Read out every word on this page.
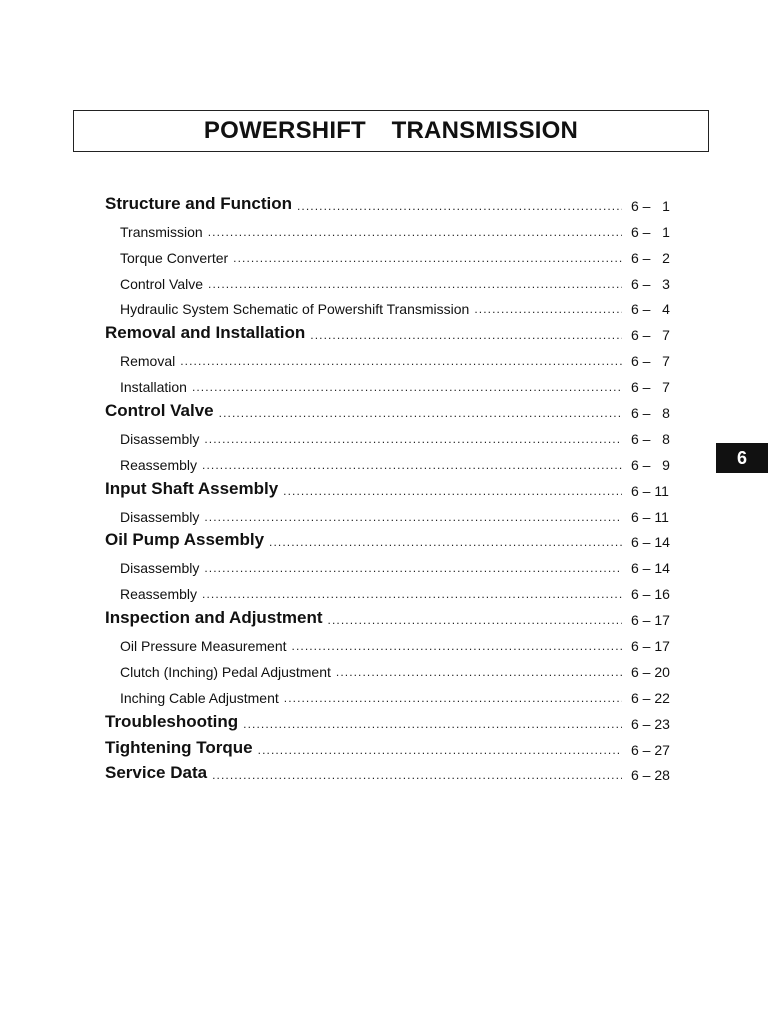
POWERSHIFT  TRANSMISSION
Structure and Function .....	6 –   1
Transmission .....	6 –   1
Torque Converter .....	6 –   2
Control Valve .....	6 –   3
Hydraulic System Schematic of Powershift Transmission .....	6 –   4
Removal and Installation .....	6 –   7
Removal .....	6 –   7
Installation .....	6 –   7
Control Valve .....	6 –   8
Disassembly .....	6 –   8
Reassembly .....	6 –   9
Input Shaft Assembly .....	6 – 11
Disassembly .....	6 – 11
Oil Pump Assembly .....	6 – 14
Disassembly .....	6 – 14
Reassembly .....	6 – 16
Inspection and Adjustment .....	6 – 17
Oil Pressure Measurement .....	6 – 17
Clutch (Inching) Pedal Adjustment .....	6 – 20
Inching Cable Adjustment .....	6 – 22
Troubleshooting .....	6 – 23
Tightening Torque .....	6 – 27
Service Data .....	6 – 28
6
